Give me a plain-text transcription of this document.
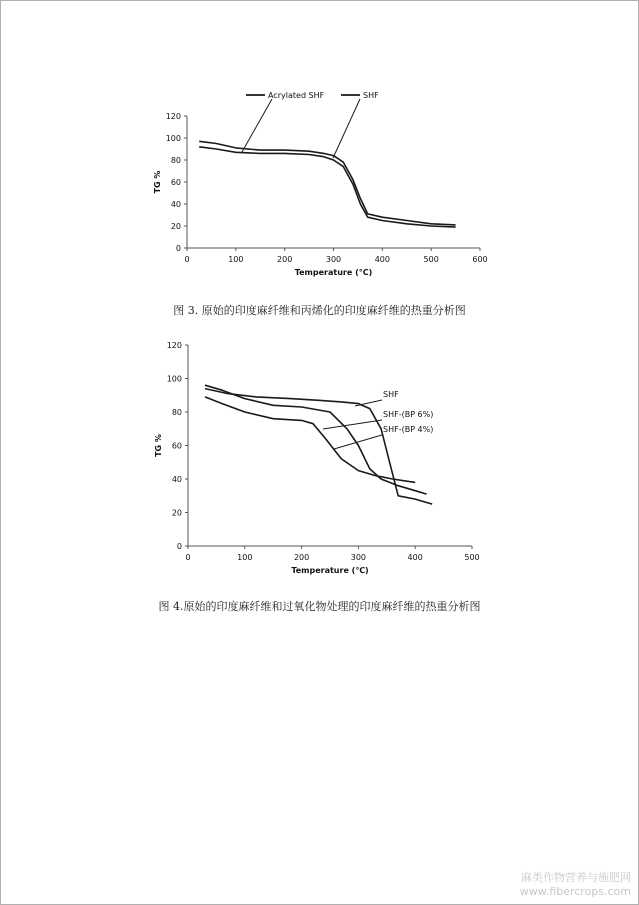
0
20
40
60
80
100
120
0	100	200	300	400	500	600
Temperature (°C)
TG %
Acrylated SHF	SHF
0
20
40
60
80
100
120
0	100	200	300	400	500
Temperature (℃)
TG %
SHF
SHF-(BP 6%)
SHF-(BP 4%)
图 3. 原始的印度麻纤维和丙烯化的印度麻纤维的热重分析图
图 4.原始的印度麻纤维和过氧化物处理的印度麻纤维的热重分析图
麻类作物营养与施肥网
www.fibercrops.com
